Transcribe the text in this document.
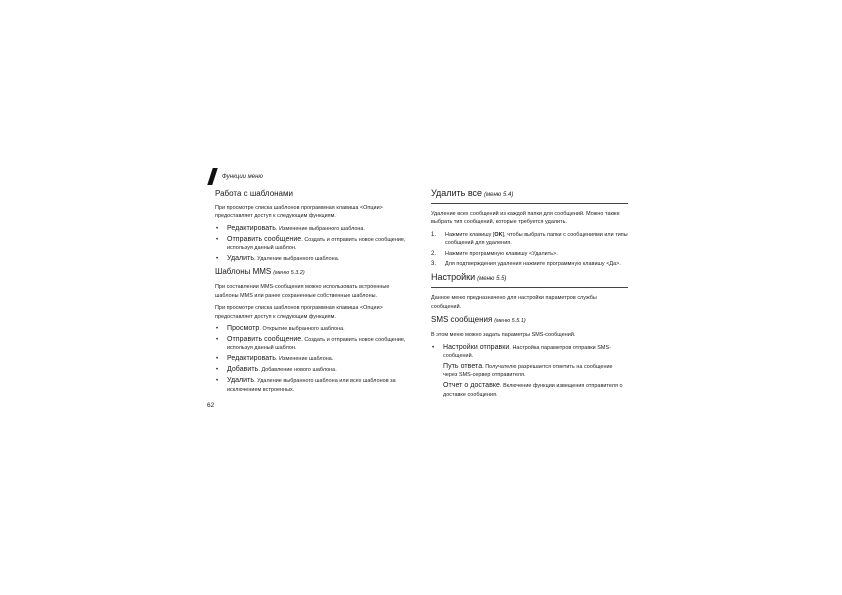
Функции меню
Работа с шаблонами

При просмотре списка шаблонов программная клавиша <Опции> предоставляет доступ к следующим функциям.

• Редактировать. Изменение выбранного шаблона.
• Отправить сообщение. Создать и отправить новое сообщение, используя данный шаблон.
• Удалить. Удаление выбранного шаблона.
Шаблоны MMS (меню 5.3.2)

При составлении MMS-сообщения можно использовать встроенные шаблоны MMS или ранее сохраненные собственные шаблоны.

При просмотре списка шаблонов программная клавиша <Опции> предоставляет доступ к следующим функциям.

• Просмотр. Открытие выбранного шаблона.
• Отправить сообщение. Создать и отправить новое сообщение, используя данный шаблон.
• Редактировать. Изменение шаблона.
• Добавить. Добавление нового шаблона.
• Удалить. Удаление выбранного шаблона или всех шаблонов за исключением встроенных.
62
Удалить все (меню 5.4)

Удаление всех сообщений из каждой папки для сообщений. Можно также выбрать тип сообщений, которые требуется удалить.

1. Нажмите клавишу [OK], чтобы выбрать папки с сообщениями или типы сообщений для удаления.
2. Нажмите программную клавишу <Удалить>.
3. Для подтверждения удаления нажмите программную клавишу <Да>.
Настройки (меню 5.5)

Данное меню предназначено для настройки параметров службы сообщений.

SMS сообщения (меню 5.5.1)

В этом меню можно задать параметры SMS-сообщений.

• Настройки отправки. Настройка параметров отправки SMS-сообщений.
Путь ответа. Получателю разрешается ответить на сообщение через SMS-сервер отправителя.
Отчет о доставке. Включение функции извещения отправителя о доставке сообщения.
